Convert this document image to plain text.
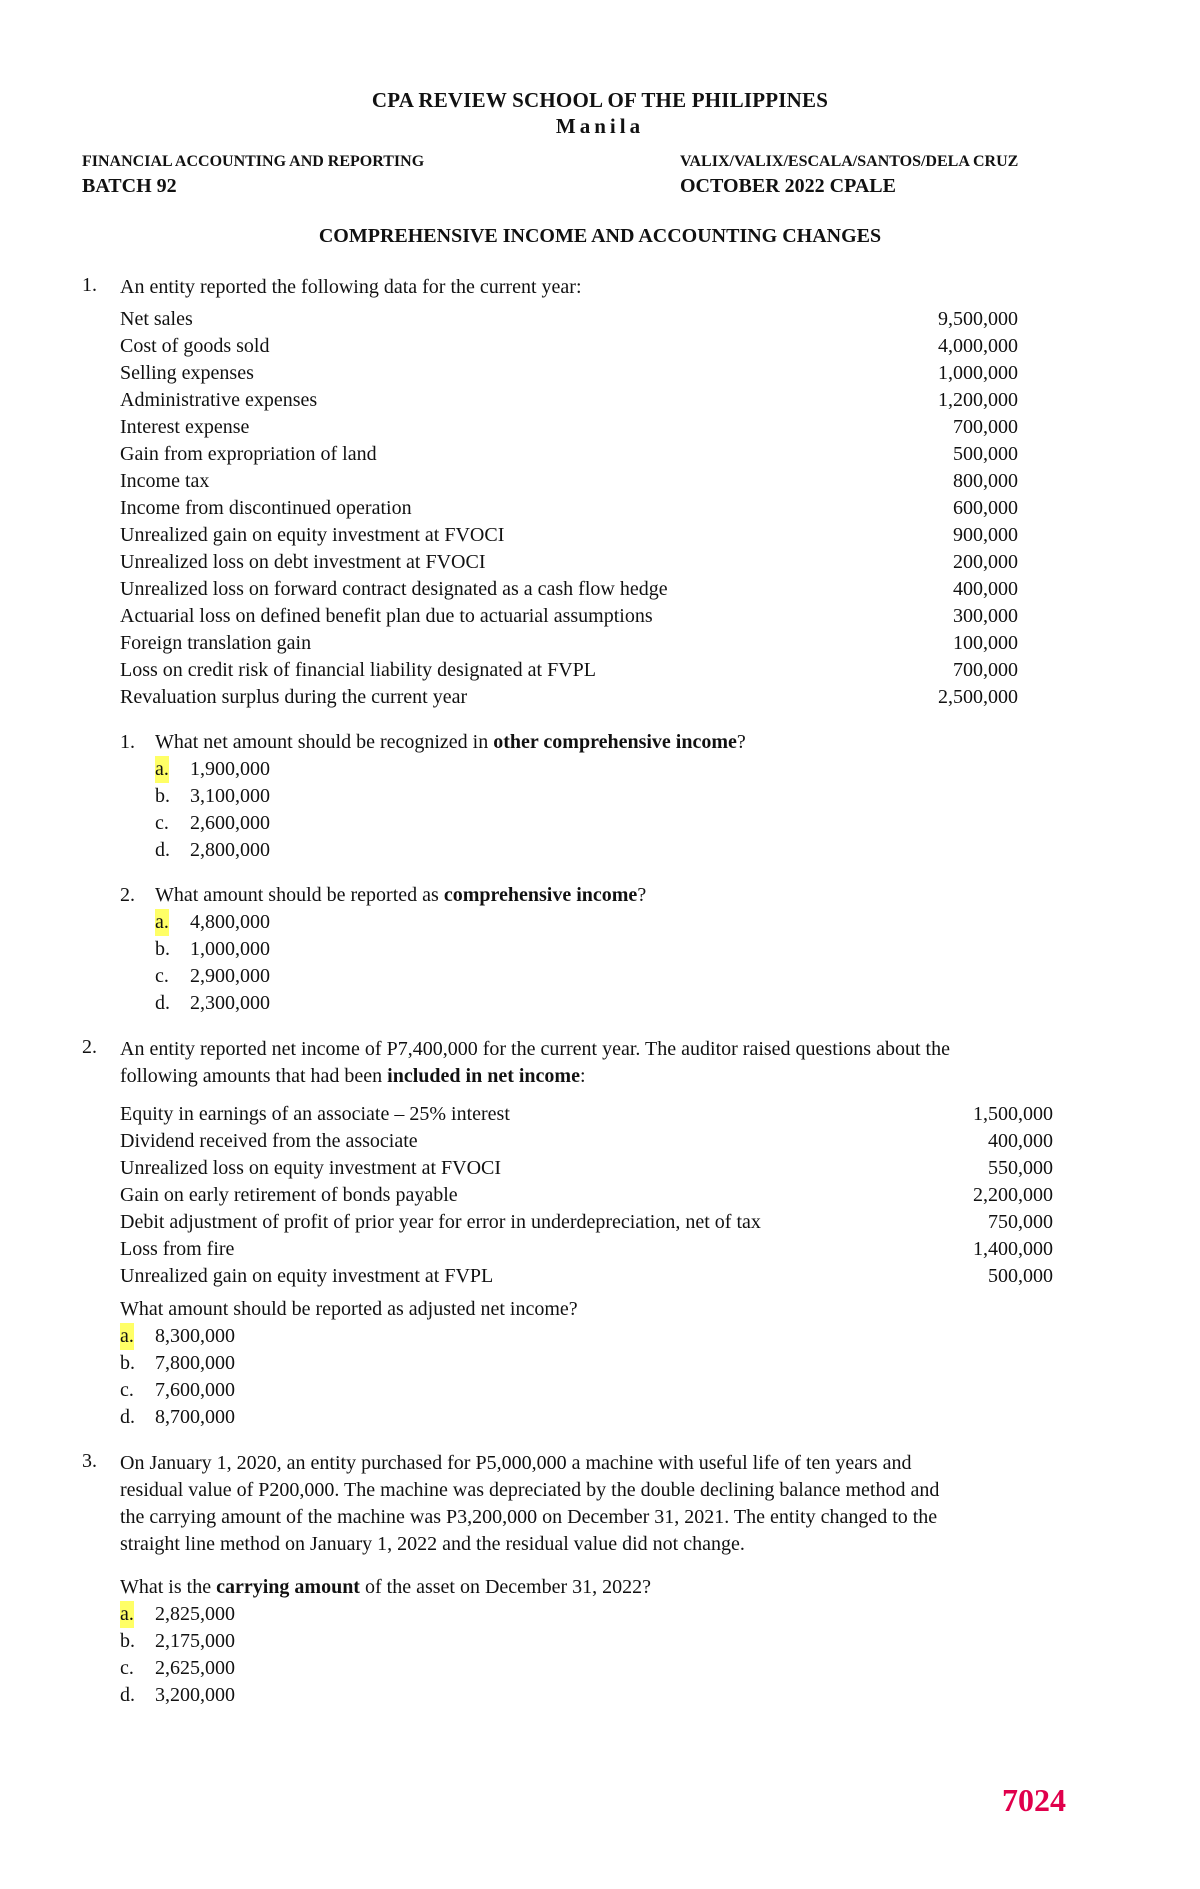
CPA REVIEW SCHOOL OF THE PHILIPPINES
Manila
FINANCIAL ACCOUNTING AND REPORTING
BATCH 92
VALIX/VALIX/ESCALA/SANTOS/DELA CRUZ
OCTOBER 2022 CPALE
COMPREHENSIVE INCOME AND ACCOUNTING CHANGES
1. An entity reported the following data for the current year:
Net sales	9,500,000
Cost of goods sold	4,000,000
Selling expenses	1,000,000
Administrative expenses	1,200,000
Interest expense	700,000
Gain from expropriation of land	500,000
Income tax	800,000
Income from discontinued operation	600,000
Unrealized gain on equity investment at FVOCI	900,000
Unrealized loss on debt investment at FVOCI	200,000
Unrealized loss on forward contract designated as a cash flow hedge	400,000
Actuarial loss on defined benefit plan due to actuarial assumptions	300,000
Foreign translation gain	100,000
Loss on credit risk of financial liability designated at FVPL	700,000
Revaluation surplus during the current year	2,500,000
1. What net amount should be recognized in other comprehensive income?
a. 1,900,000
b. 3,100,000
c. 2,600,000
d. 2,800,000
2. What amount should be reported as comprehensive income?
a. 4,800,000
b. 1,000,000
c. 2,900,000
d. 2,300,000
2. An entity reported net income of P7,400,000 for the current year. The auditor raised questions about the
following amounts that had been included in net income:
Equity in earnings of an associate – 25% interest	1,500,000
Dividend received from the associate	400,000
Unrealized loss on equity investment at FVOCI	550,000
Gain on early retirement of bonds payable	2,200,000
Debit adjustment of profit of prior year for error in underdepreciation, net of tax	750,000
Loss from fire	1,400,000
Unrealized gain on equity investment at FVPL	500,000
What amount should be reported as adjusted net income?
a. 8,300,000
b. 7,800,000
c. 7,600,000
d. 8,700,000
3. On January 1, 2020, an entity purchased for P5,000,000 a machine with useful life of ten years and
residual value of P200,000. The machine was depreciated by the double declining balance method and
the carrying amount of the machine was P3,200,000 on December 31, 2021. The entity changed to the
straight line method on January 1, 2022 and the residual value did not change.
What is the carrying amount of the asset on December 31, 2022?
a. 2,825,000
b. 2,175,000
c. 2,625,000
d. 3,200,000
7024
